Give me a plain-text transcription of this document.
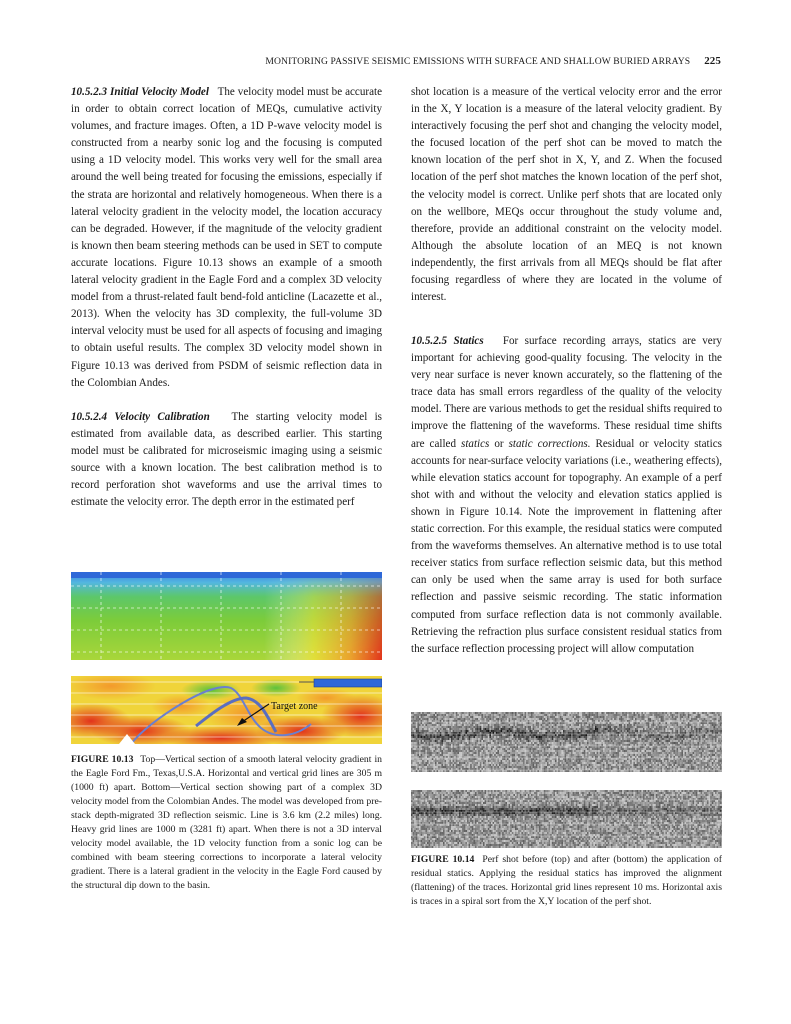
MONITORING PASSIVE SEISMIC EMISSIONS WITH SURFACE AND SHALLOW BURIED ARRAYS 225

10.5.2.3 Initial Velocity Model The velocity model must be accurate in order to obtain correct location of MEQs, cumulative activity volumes, and fracture images. Often, a 1D P-wave velocity model is constructed from a nearby sonic log and the focusing is computed using a 1D velocity model. This works very well for the small area around the well being treated for focusing the emissions, especially if the strata are horizontal and relatively homogeneous. When there is a lateral velocity gradient in the velocity model, the location accuracy can be degraded. However, if the magnitude of the velocity gradient is known then beam steering methods can be used in SET to compute accurate locations. Figure 10.13 shows an example of a smooth lateral velocity gradient in the Eagle Ford and a complex 3D velocity model from a thrust-related fault bend-fold anticline (Lacazette et al., 2013). When the velocity has 3D complexity, the full-volume 3D interval velocity must be used for all aspects of focusing and imaging to obtain useful results. The complex 3D velocity model shown in Figure 10.13 was derived from PSDM of seismic reflection data in the Colombian Andes.

10.5.2.4 Velocity Calibration The starting velocity model is estimated from available data, as described earlier. This starting model must be calibrated for microseismic imaging using a seismic source with a known location. The best calibration method is to record perforation shot waveforms and use the arrival times to estimate the velocity error. The depth error in the estimated perf

shot location is a measure of the vertical velocity error and the error in the X, Y location is a measure of the lateral velocity gradient. By interactively focusing the perf shot and changing the velocity model, the focused location of the perf shot can be moved to match the known location of the perf shot in X, Y, and Z. When the focused location of the perf shot matches the known location of the perf shot, the velocity model is correct. Unlike perf shots that are located only on the wellbore, MEQs occur throughout the study volume and, therefore, provide an additional constraint on the velocity model. Although the absolute location of an MEQ is not known independently, the first arrivals from all MEQs should be flat after focusing regardless of where they are located in the volume of interest.

10.5.2.5 Statics For surface recording arrays, statics are very important for achieving good-quality focusing. The velocity in the very near surface is never known accurately, so the flattening of the trace data has small errors regardless of the quality of the velocity model. There are various methods to get the residual shifts required to improve the flattening of the waveforms. These residual time shifts are called statics or static corrections. Residual or velocity statics accounts for near-surface velocity variations (i.e., weathering effects), while elevation statics account for topography. An example of a perf shot with and without the velocity and elevation statics applied is shown in Figure 10.14. Note the improvement in flattening after static correction. For this example, the residual statics were computed from the waveforms themselves. An alternative method is to use total receiver statics from surface reflection seismic data, but this method can only be used when the same array is used for both surface reflection and passive seismic recording. The static information computed from surface reflection data is not commonly available. Retrieving the refraction plus surface consistent residual statics from the surface reflection processing project will allow computation

Target zone
FIGURE 10.13 Top—Vertical section of a smooth lateral velocity gradient in the Eagle Ford Fm., Texas,U.S.A. Horizontal and vertical grid lines are 305 m (1000 ft) apart. Bottom—Vertical section showing part of a complex 3D velocity model from the Colombian Andes. The model was developed from pre-stack depth-migrated 3D reflection seismic. Line is 3.6 km (2.2 miles) long. Heavy grid lines are 1000 m (3281 ft) apart. When there is not a 3D interval velocity model available, the 1D velocity function from a sonic log can be combined with beam steering corrections to incorporate a lateral velocity gradient. There is a lateral gradient in the velocity in the Eagle Ford caused by the structural dip down to the basin.
FIGURE 10.14 Perf shot before (top) and after (bottom) the application of residual statics. Applying the residual statics has improved the alignment (flattening) of the traces. Horizontal grid lines represent 10 ms. Horizontal axis is traces in a spiral sort from the X,Y location of the perf shot.
